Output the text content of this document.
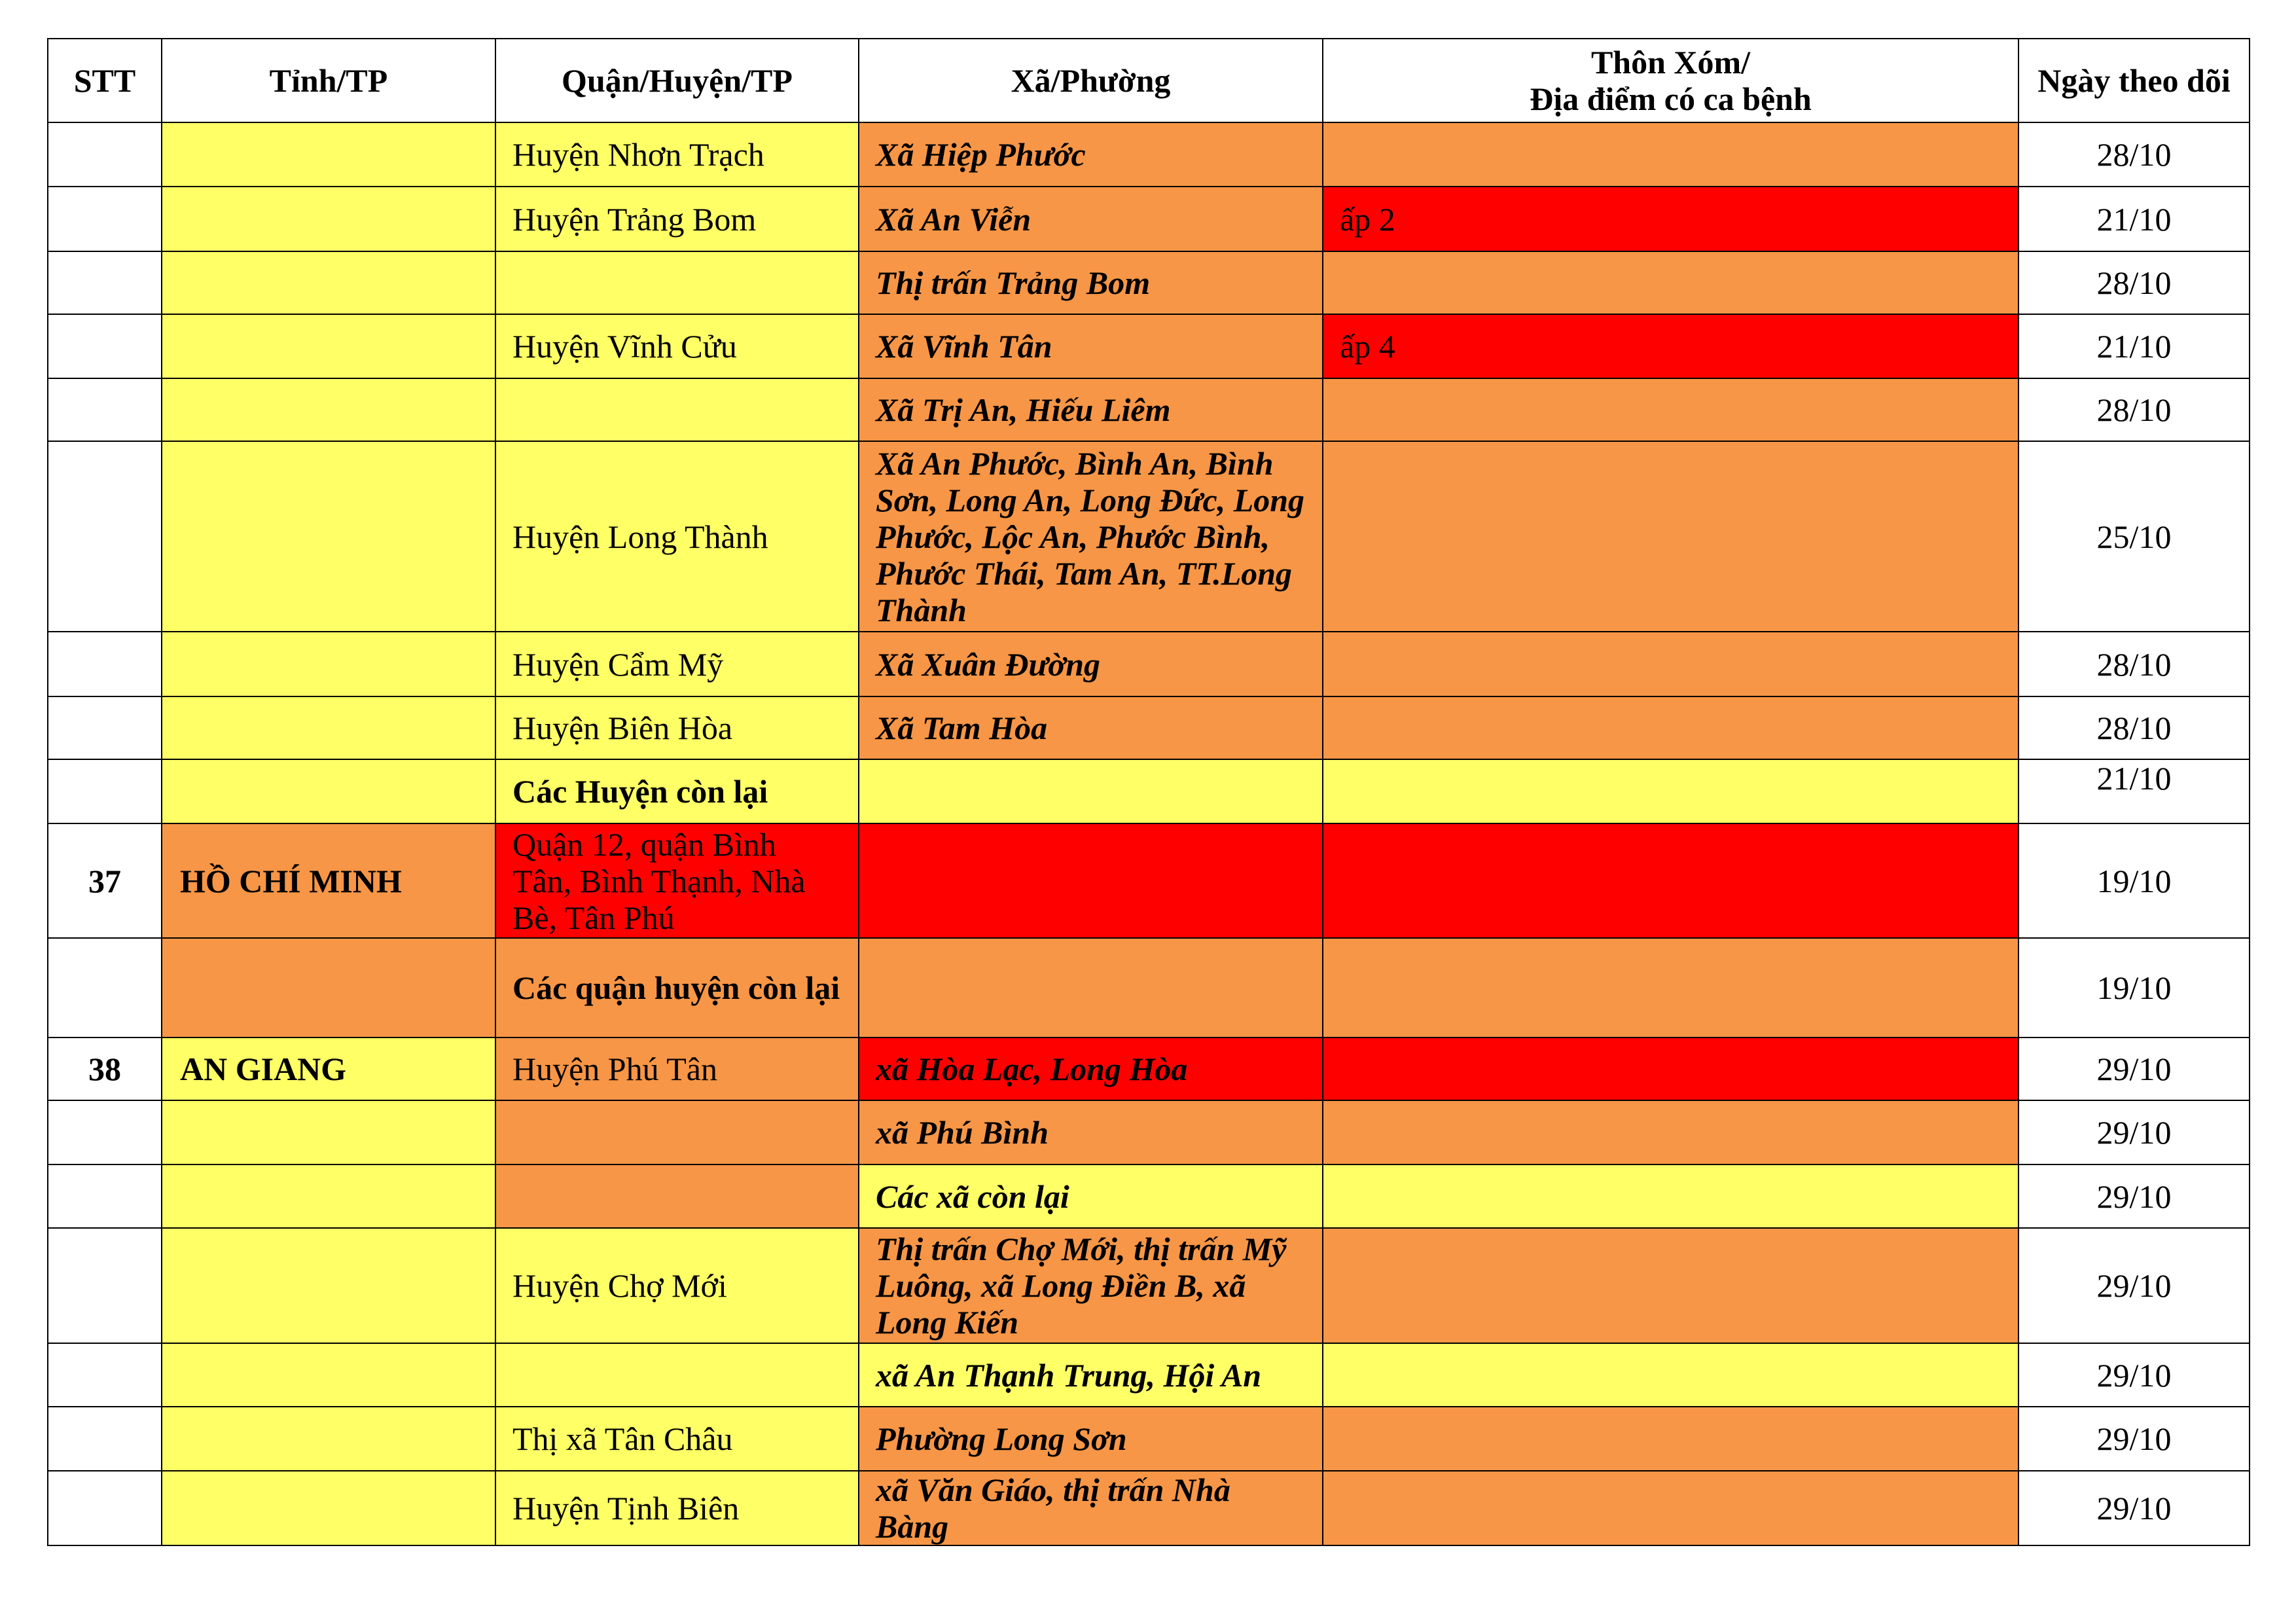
STT	Tỉnh/TP	Quận/Huyện/TP	Xã/Phường	Thôn Xóm/
Địa điểm có ca bệnh	Ngày theo dõi
		Huyện Nhơn Trạch	Xã Hiệp Phước		28/10
		Huyện Trảng Bom	Xã An Viễn	ấp 2	21/10
			Thị trấn Trảng Bom		28/10
		Huyện Vĩnh Cửu	Xã Vĩnh Tân	ấp 4	21/10
			Xã Trị An, Hiếu Liêm		28/10
		Huyện Long Thành	Xã An Phước, Bình An, Bình
Sơn, Long An, Long Đức, Long
Phước, Lộc An, Phước Bình,
Phước Thái, Tam An, TT.Long
Thành		25/10
		Huyện Cẩm Mỹ	Xã Xuân Đường		28/10
		Huyện Biên Hòa	Xã Tam Hòa		28/10
		Các Huyện còn lại			21/10
37	HỒ CHÍ MINH	Quận 12, quận Bình
Tân, Bình Thạnh, Nhà
Bè, Tân Phú			19/10
		Các quận huyện còn lại			19/10
38	AN GIANG	Huyện Phú Tân	xã Hòa Lạc, Long Hòa		29/10
			xã Phú Bình		29/10
			Các xã còn lại		29/10
		Huyện Chợ Mới	Thị trấn Chợ Mới, thị trấn Mỹ
Luông, xã Long Điền B, xã
Long Kiến		29/10
			xã An Thạnh Trung, Hội An		29/10
		Thị xã Tân Châu	Phường Long Sơn		29/10
		Huyện Tịnh Biên	xã Văn Giáo, thị trấn Nhà
Bàng		29/10
